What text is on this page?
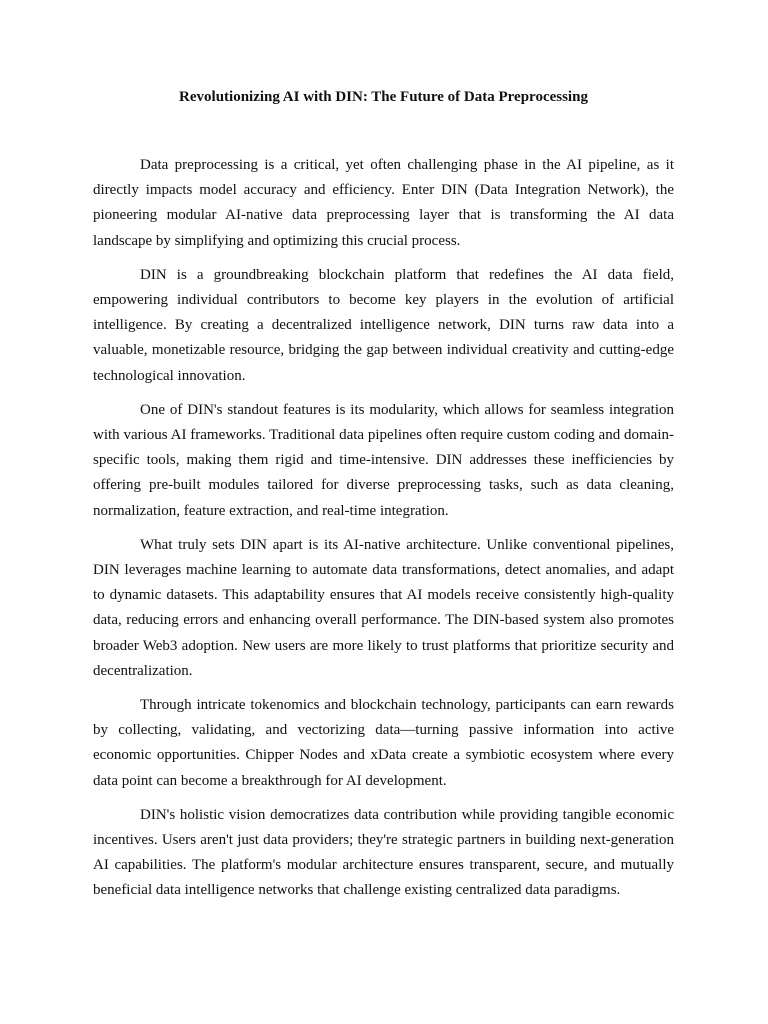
Revolutionizing AI with DIN: The Future of Data Preprocessing

Data preprocessing is a critical, yet often challenging phase in the AI pipeline, as it directly impacts model accuracy and efficiency. Enter DIN (Data Integration Network), the pioneering modular AI-native data preprocessing layer that is transforming the AI data landscape by simplifying and optimizing this crucial process.

DIN is a groundbreaking blockchain platform that redefines the AI data field, empowering individual contributors to become key players in the evolution of artificial intelligence. By creating a decentralized intelligence network, DIN turns raw data into a valuable, monetizable resource, bridging the gap between individual creativity and cutting-edge technological innovation.

One of DIN's standout features is its modularity, which allows for seamless integration with various AI frameworks. Traditional data pipelines often require custom coding and domain-specific tools, making them rigid and time-intensive. DIN addresses these inefficiencies by offering pre-built modules tailored for diverse preprocessing tasks, such as data cleaning, normalization, feature extraction, and real-time integration.

What truly sets DIN apart is its AI-native architecture. Unlike conventional pipelines, DIN leverages machine learning to automate data transformations, detect anomalies, and adapt to dynamic datasets. This adaptability ensures that AI models receive consistently high-quality data, reducing errors and enhancing overall performance. The DIN-based system also promotes broader Web3 adoption. New users are more likely to trust platforms that prioritize security and decentralization.

Through intricate tokenomics and blockchain technology, participants can earn rewards by collecting, validating, and vectorizing data—turning passive information into active economic opportunities. Chipper Nodes and xData create a symbiotic ecosystem where every data point can become a breakthrough for AI development.

DIN's holistic vision democratizes data contribution while providing tangible economic incentives. Users aren't just data providers; they're strategic partners in building next-generation AI capabilities. The platform's modular architecture ensures transparent, secure, and mutually beneficial data intelligence networks that challenge existing centralized data paradigms.
